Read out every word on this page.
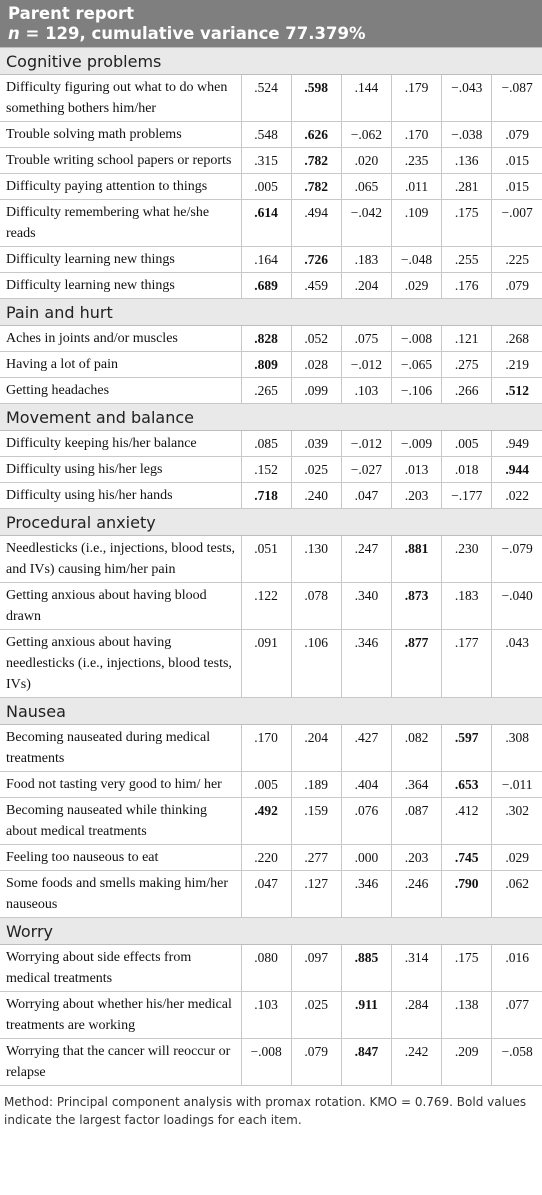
Parent report
n = 129, cumulative variance 77.379%						

Cognitive problems						
Difficulty figuring out what to do when something bothers him/her	.524	.598	.144	.179	−.043	−.087
Trouble solving math problems	.548	.626	−.062	.170	−.038	.079
Trouble writing school papers or reports	.315	.782	.020	.235	.136	.015
Difficulty paying attention to things	.005	.782	.065	.011	.281	.015
Difficulty remembering what he/she reads	.614	.494	−.042	.109	.175	−.007
Difficulty learning new things	.164	.726	.183	−.048	.255	.225
Difficulty learning new things	.689	.459	.204	.029	.176	.079
Pain and hurt						
Aches in joints and/or muscles	.828	.052	.075	−.008	.121	.268
Having a lot of pain	.809	.028	−.012	−.065	.275	.219
Getting headaches	.265	.099	.103	−.106	.266	.512
Movement and balance						
Difficulty keeping his/her balance	.085	.039	−.012	−.009	.005	.949
Difficulty using his/her legs	.152	.025	−.027	.013	.018	.944
Difficulty using his/her hands	.718	.240	.047	.203	−.177	.022
Procedural anxiety						
Needlesticks (i.e., injections, blood tests, and IVs) causing him/her pain	.051	.130	.247	.881	.230	−.079
Getting anxious about having blood drawn	.122	.078	.340	.873	.183	−.040
Getting anxious about having needlesticks (i.e., injections, blood tests, IVs)	.091	.106	.346	.877	.177	.043
Nausea						
Becoming nauseated during medical treatments	.170	.204	.427	.082	.597	.308
Food not tasting very good to him/ her	.005	.189	.404	.364	.653	−.011
Becoming nauseated while thinking about medical treatments	.492	.159	.076	.087	.412	.302
Feeling too nauseous to eat	.220	.277	.000	.203	.745	.029
Some foods and smells making him/her nauseous	.047	.127	.346	.246	.790	.062
Worry						
Worrying about side effects from medical treatments	.080	.097	.885	.314	.175	.016
Worrying about whether his/her medical treatments are working	.103	.025	.911	.284	.138	.077
Worrying that the cancer will reoccur or relapse	−.008	.079	.847	.242	.209	−.058
Method: Principal component analysis with promax rotation. KMO = 0.769. Bold values indicate the largest factor loadings for each item.
